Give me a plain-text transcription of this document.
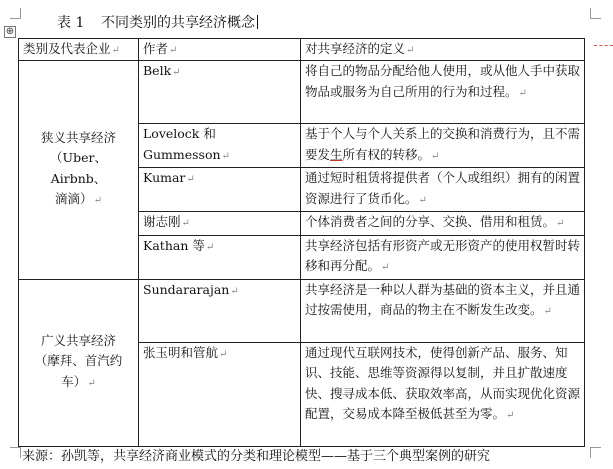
表 1 不同类别的共享经济概念
⊕
类别及代表企业↵	作者↵	对共享经济的定义↵

狭义共享经济
（Uber、Airbnb、
滴滴）↵	Belk↵	将自己的物品分配给他人使用，或从他人手中获取物品或服务为自己所用的行为和过程。↵
	Lovelock 和 Gummesson↵	基于个人与个人关系上的交换和消费行为，且不需要发生所有权的转移。↵
	Kumar↵	通过短时租赁将提供者（个人或组织）拥有的闲置资源进行了货币化。↵
	谢志刚↵	个体消费者之间的分享、交换、借用和租赁。↵
	Kathan 等↵	共享经济包括有形资产或无形资产的使用权暂时转移和再分配。↵

广义共享经济
（摩拜、首汽约
车）↵	Sundararajan↵	共享经济是一种以人群为基础的资本主义，并且通过按需使用，商品的物主在不断发生改变。↵
	张玉明和管航↵	通过现代互联网技术，使得创新产品、服务、知识、技能、思维等资源得以复制，并且扩散速度快、搜寻成本低、获取效率高，从而实现优化资源配置，交易成本降至极低甚至为零。↵
来源：孙凯等，共享经济商业模式的分类和理论模型——基于三个典型案例的研究
